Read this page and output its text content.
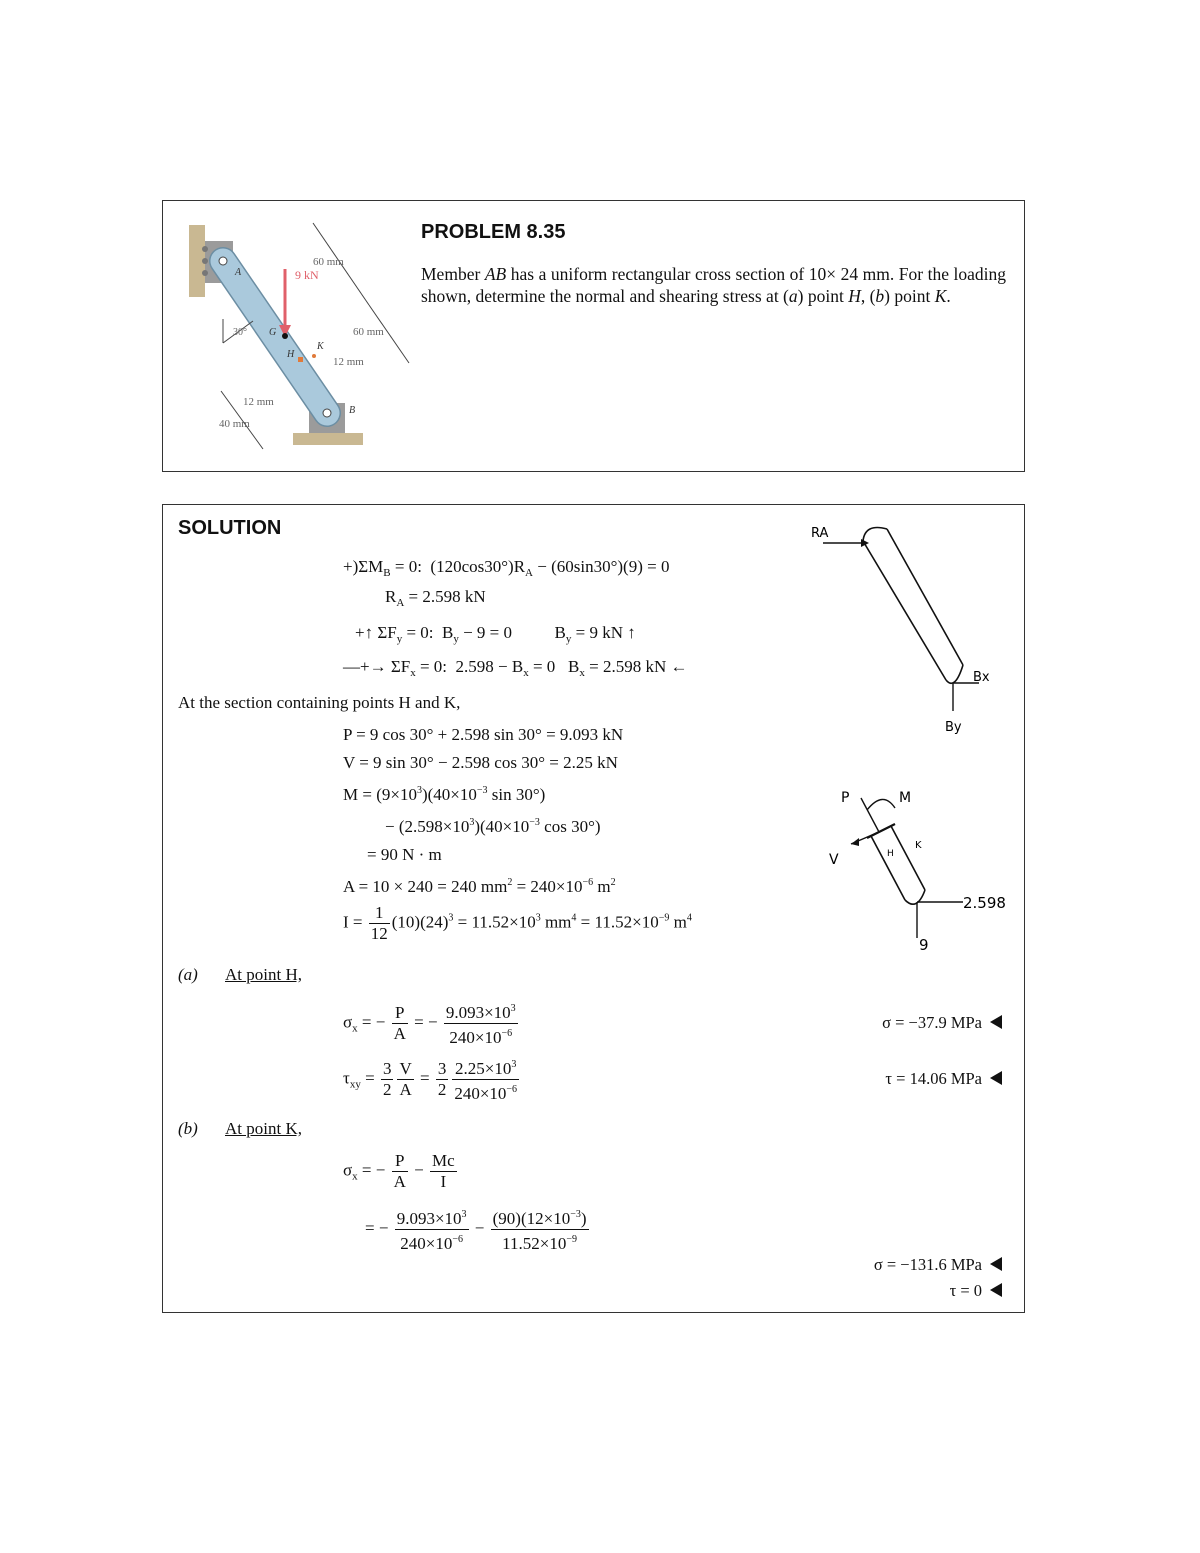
60 mm
9 kN
A
60 mm
12 mm
30° G
H
K
12 mm
40 mm
B
PROBLEM 8.35
Member AB has a uniform rectangular cross section of 10× 24 mm. For the loading shown, determine the normal and shearing stress at (a) point H, (b) point K.
SOLUTION
$+)\Sigma M_B = 0$:  $(120\cos 30^\circ)R_A - (60\sin 30^\circ)(9) = 0$
$R_A = 2.598$ kN
+↑ $\Sigma F_y = 0$:  $B_y - 9 = 0$          $B_y = 9$ kN ↑
—+→ $\Sigma F_x = 0$:  $2.598 - B_x = 0$   $B_x = 2.598$ kN ←
At the section containing points H and K,
P = 9 cos 30° + 2.598 sin 30° = 9.093 kN
V = 9 sin 30° − 2.598 cos 30° = 2.25 kN
$M = (9\times 10^3)(40\times 10^{-3}$ sin 30°)
− $(2.598\times 10^3)(40\times 10^{-3}$ cos 30°)
= 90 N · m
A = 10 × 240 = 240 $mm^2 = 240\times 10^{-6}$ $m^2$
$I = \frac{1}{12} (10)(24)^3 = 11.52\times 10^3$ $mm^4 = 11.52\times 10^{-9}$ $m^4$
(a) At point H,
$\sigma_x$ = − $\frac{P}{A}$ = − $\frac{9.093\times 10^3}{240\times 10^{-6}}$
$\tau_{xy} = \frac{3}{2} \frac{V}{A} = \frac{3}{2} \frac{2.25\times 10^3}{240\times 10^{-6}}$
σ = −37.9 MPa
τ = 14.06 MPa
(b) At point K,
$\sigma_x$ = − $\frac{P}{A} - \frac{Mc}{I}$
= − $\frac{9.093\times 10^3}{240\times 10^{-6}} - \frac{(90)(12\times 10^{-3})}{11.52\times 10^{-9}}$
σ = −131.6 MPa
τ = 0
RA
Bx
By
P	M
V	H
K
2.598
9
